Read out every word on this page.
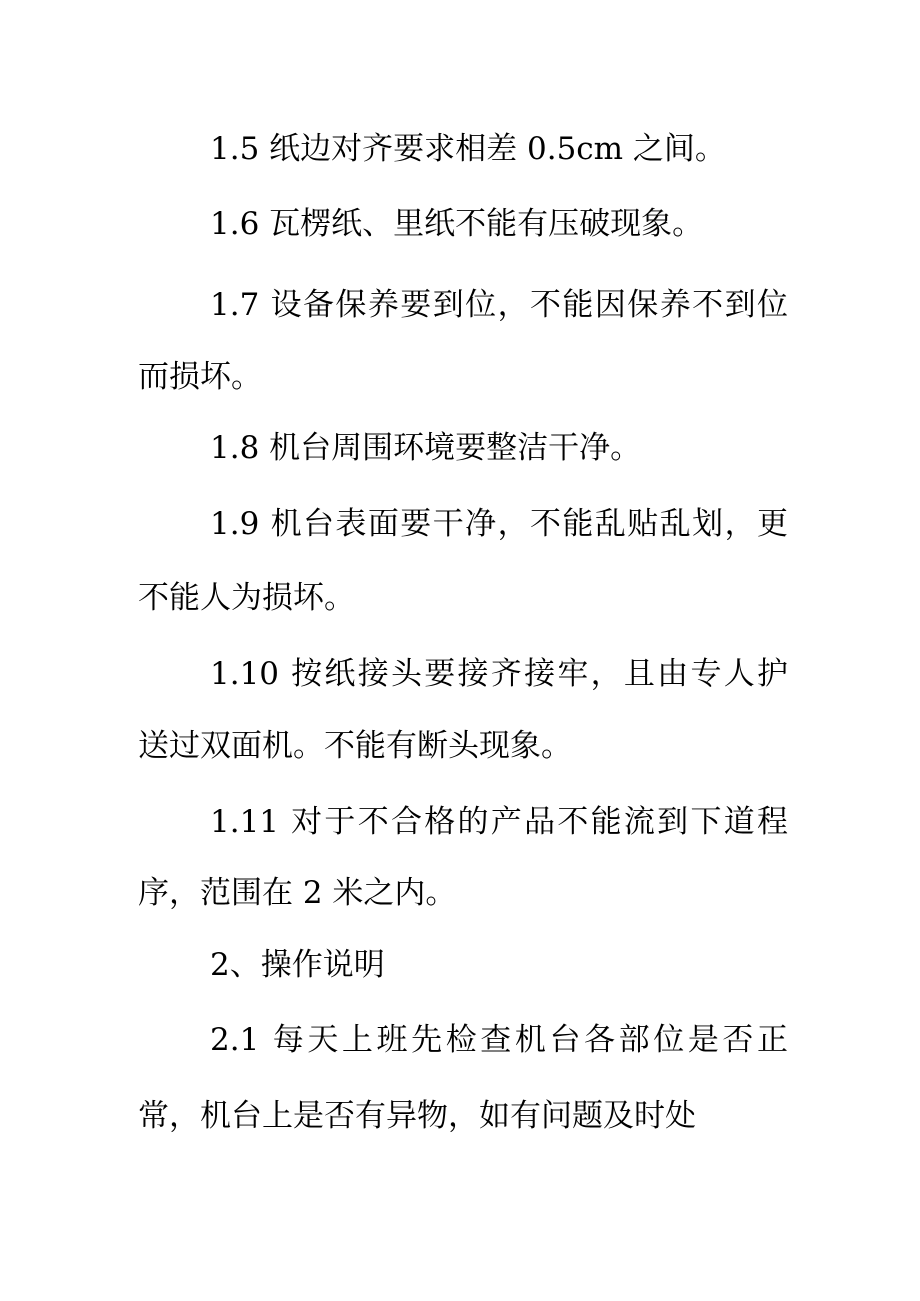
1.5 纸边对齐要求相差 0.5cm 之间。
1.6 瓦楞纸、里纸不能有压破现象。
1.7 设备保养要到位，不能因保养不到位
而损坏。
1.8 机台周围环境要整洁干净。
1.9 机台表面要干净，不能乱贴乱划，更
不能人为损坏。
1.10 按纸接头要接齐接牢，且由专人护
送过双面机。不能有断头现象。
1.11 对于不合格的产品不能流到下道程
序，范围在 2 米之内。
2、操作说明
2.1 每天上班先检查机台各部位是否正
常，机台上是否有异物，如有问题及时处
